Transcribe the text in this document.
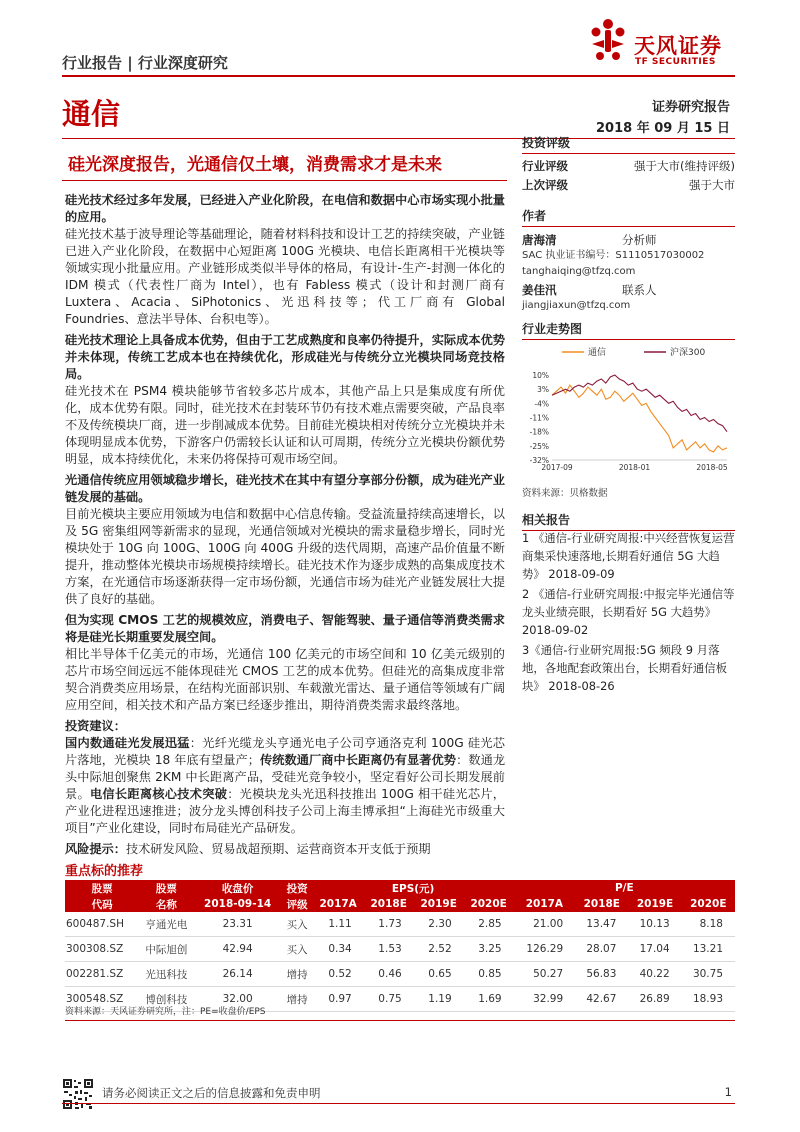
行业报告 | 行业深度研究
天风证券
TF SECURITIES
通信	证券研究报告
2018 年 09 月 15 日
硅光深度报告，光通信仅土壤，消费需求才是未来

硅光技术经过多年发展，已经进入产业化阶段，在电信和数据中心市场实现小批量的应用。
硅光技术基于波导理论等基础理论，随着材料科技和设计工艺的持续突破，产业链已进入产业化阶段，在数据中心短距离 100G 光模块、电信长距离相干光模块等领域实现小批量应用。产业链形成类似半导体的格局，有设计-生产-封测一体化的 IDM 模式（代表性厂商为 Intel），也有 Fabless 模式（设计和封测厂商有 Luxtera、Acacia、SiPhotonics、光迅科技等；代工厂商有 Global Foundries、意法半导体、台积电等）。

硅光技术理论上具备成本优势，但由于工艺成熟度和良率仍待提升，实际成本优势并未体现，传统工艺成本也在持续优化，形成硅光与传统分立光模块同场竞技格局。
硅光技术在 PSM4 模块能够节省较多芯片成本，其他产品上只是集成度有所优化，成本优势有限。同时，硅光技术在封装环节仍有技术难点需要突破，产品良率不及传统模块厂商，进一步削减成本优势。目前硅光模块相对传统分立光模块并未体现明显成本优势，下游客户仍需较长认证和认可周期，传统分立光模块份额优势明显，成本持续优化，未来仍将保持可观市场空间。

光通信传统应用领域稳步增长，硅光技术在其中有望分享部分份额，成为硅光产业链发展的基础。
目前光模块主要应用领域为电信和数据中心信息传输。受益流量持续高速增长，以及 5G 密集组网等新需求的显现，光通信领域对光模块的需求量稳步增长，同时光模块处于 10G 向 100G、100G 向 400G 升级的迭代周期，高速产品价值量不断提升，推动整体光模块市场规模持续增长。硅光技术作为逐步成熟的高集成度技术方案，在光通信市场逐渐获得一定市场份额，光通信市场为硅光产业链发展壮大提供了良好的基础。

但为实现 CMOS 工艺的规模效应，消费电子、智能驾驶、量子通信等消费类需求将是硅光长期重要发展空间。
相比半导体千亿美元的市场，光通信 100 亿美元的市场空间和 10 亿美元级别的芯片市场空间远远不能体现硅光 CMOS 工艺的成本优势。但硅光的高集成度非常契合消费类应用场景，在结构光面部识别、车载激光雷达、量子通信等领域有广阔应用空间，相关技术和产品方案已经逐步推出，期待消费类需求最终落地。

投资建议：
国内数通硅光发展迅猛：光纤光缆龙头亨通光电子公司亨通洛克利 100G 硅光芯片落地，光模块 18 年底有望量产；传统数通厂商中长距离仍有显著优势：数通龙头中际旭创聚焦 2KM 中长距离产品，受硅光竞争较小，坚定看好公司长期发展前景。电信长距离核心技术突破：光模块龙头光迅科技推出 100G 相干硅光芯片，产业化进程迅速推进；波分龙头博创科技子公司上海圭博承担“上海硅光市级重大项目”产业化建设，同时布局硅光产品研发。

风险提示：技术研发风险、贸易战超预期、运营商资本开支低于预期

投资评级
行业评级	强于大市(维持评级)
上次评级	强于大市
作者
唐海清	分析师
SAC 执业证书编号：S1110517030002
tanghaiqing@tfzq.com
姜佳汛	联系人
jiangjiaxun@tfzq.com
行业走势图
通信	沪深300
10%
3%
-4%
-11%
-18%
-25%
-32%
2017-09	2018-01	2018-05
资料来源：贝格数据
相关报告
1 《通信-行业研究周报:中兴经营恢复运营商集采快速落地,长期看好通信 5G 大趋势》 2018-09-09
2 《通信-行业研究周报:中报完毕光通信等龙头业绩亮眼，长期看好 5G 大趋势》 2018-09-02
3《通信-行业研究周报:5G 频段 9 月落地，各地配套政策出台，长期看好通信板块》 2018-08-26
重点标的推荐
股票	股票	收盘价	投资	EPS(元)				P/E			
代码	名称	2018-09-14	评级	2017A	2018E	2019E	2020E	2017A	2018E	2019E	2020E
600487.SH	亨通光电	23.31	买入	1.11	1.73	2.30	2.85	21.00	13.47	10.13	8.18
300308.SZ	中际旭创	42.94	买入	0.34	1.53	2.52	3.25	126.29	28.07	17.04	13.21
002281.SZ	光迅科技	26.14	增持	0.52	0.46	0.65	0.85	50.27	56.83	40.22	30.75
300548.SZ	博创科技	32.00	增持	0.97	0.75	1.19	1.69	32.99	42.67	26.89	18.93
资料来源：天风证券研究所，注：PE=收盘价/EPS
请务必阅读正文之后的信息披露和免责申明	1
